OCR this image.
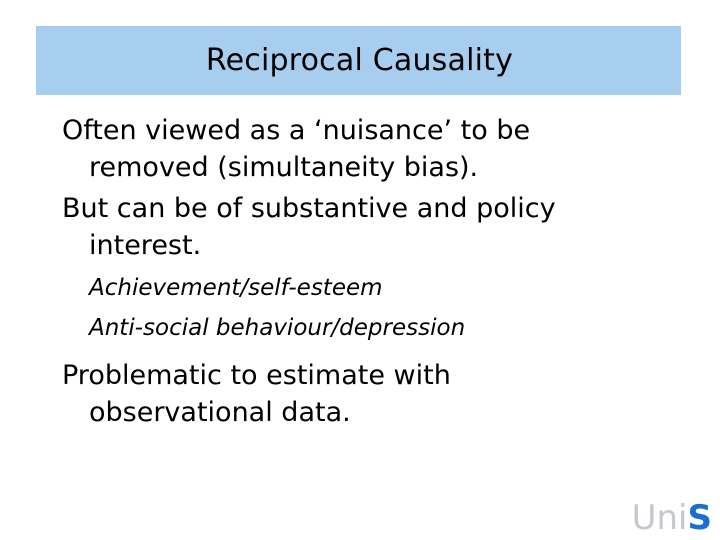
Reciprocal Causality

Often viewed as a ‘nuisance’ to be
removed (simultaneity bias).

But can be of substantive and policy
interest.

Achievement/self-esteem
Anti-social behaviour/depression

Problematic to estimate with
observational data.

UniS
